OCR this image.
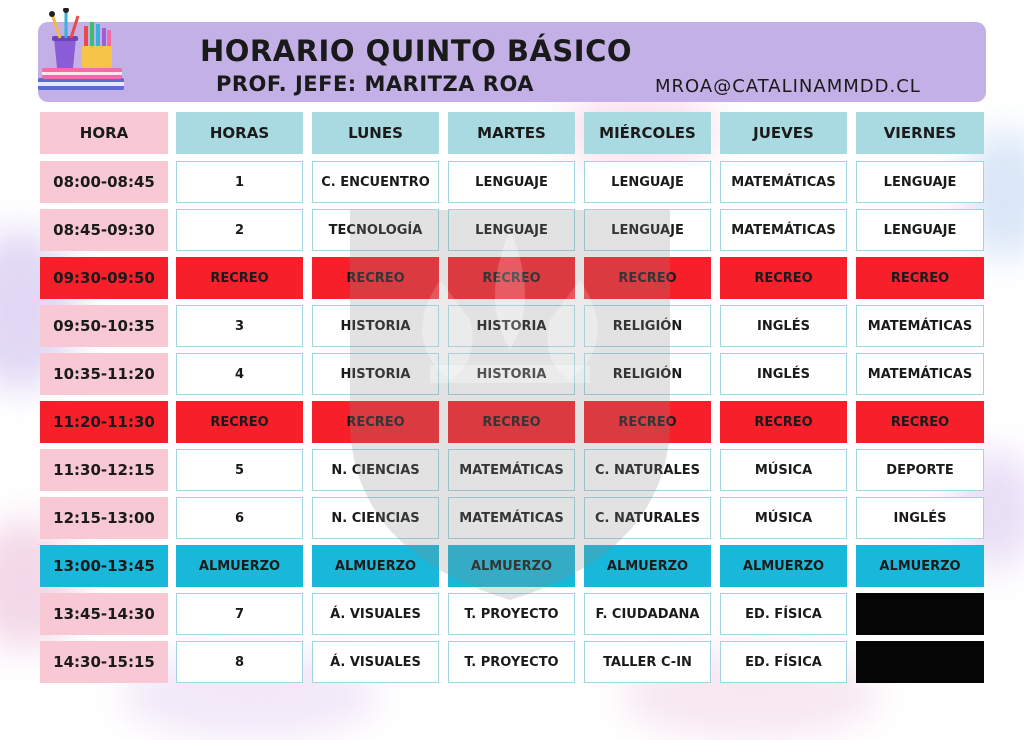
HORARIO QUINTO BÁSICO
PROF. JEFE: MARITZA ROA	MROA@CATALINAMMDD.CL
HORA	HORAS	LUNES	MARTES	MIÉRCOLES	JUEVES	VIERNES
08:00-08:45	1	C. ENCUENTRO	LENGUAJE	LENGUAJE	MATEMÁTICAS	LENGUAJE
08:45-09:30	2	TECNOLOGÍA	LENGUAJE	LENGUAJE	MATEMÁTICAS	LENGUAJE
09:30-09:50	RECREO	RECREO	RECREO	RECREO	RECREO	RECREO
09:50-10:35	3	HISTORIA	HISTORIA	RELIGIÓN	INGLÉS	MATEMÁTICAS
10:35-11:20	4	HISTORIA	HISTORIA	RELIGIÓN	INGLÉS	MATEMÁTICAS
11:20-11:30	RECREO	RECREO	RECREO	RECREO	RECREO	RECREO
11:30-12:15	5	N. CIENCIAS	MATEMÁTICAS	C. NATURALES	MÚSICA	DEPORTE
12:15-13:00	6	N. CIENCIAS	MATEMÁTICAS	C. NATURALES	MÚSICA	INGLÉS
13:00-13:45	ALMUERZO	ALMUERZO	ALMUERZO	ALMUERZO	ALMUERZO	ALMUERZO
13:45-14:30	7	Á. VISUALES	T. PROYECTO	F. CIUDADANA	ED. FÍSICA
14:30-15:15	8	Á. VISUALES	T. PROYECTO	TALLER C-IN	ED. FÍSICA
